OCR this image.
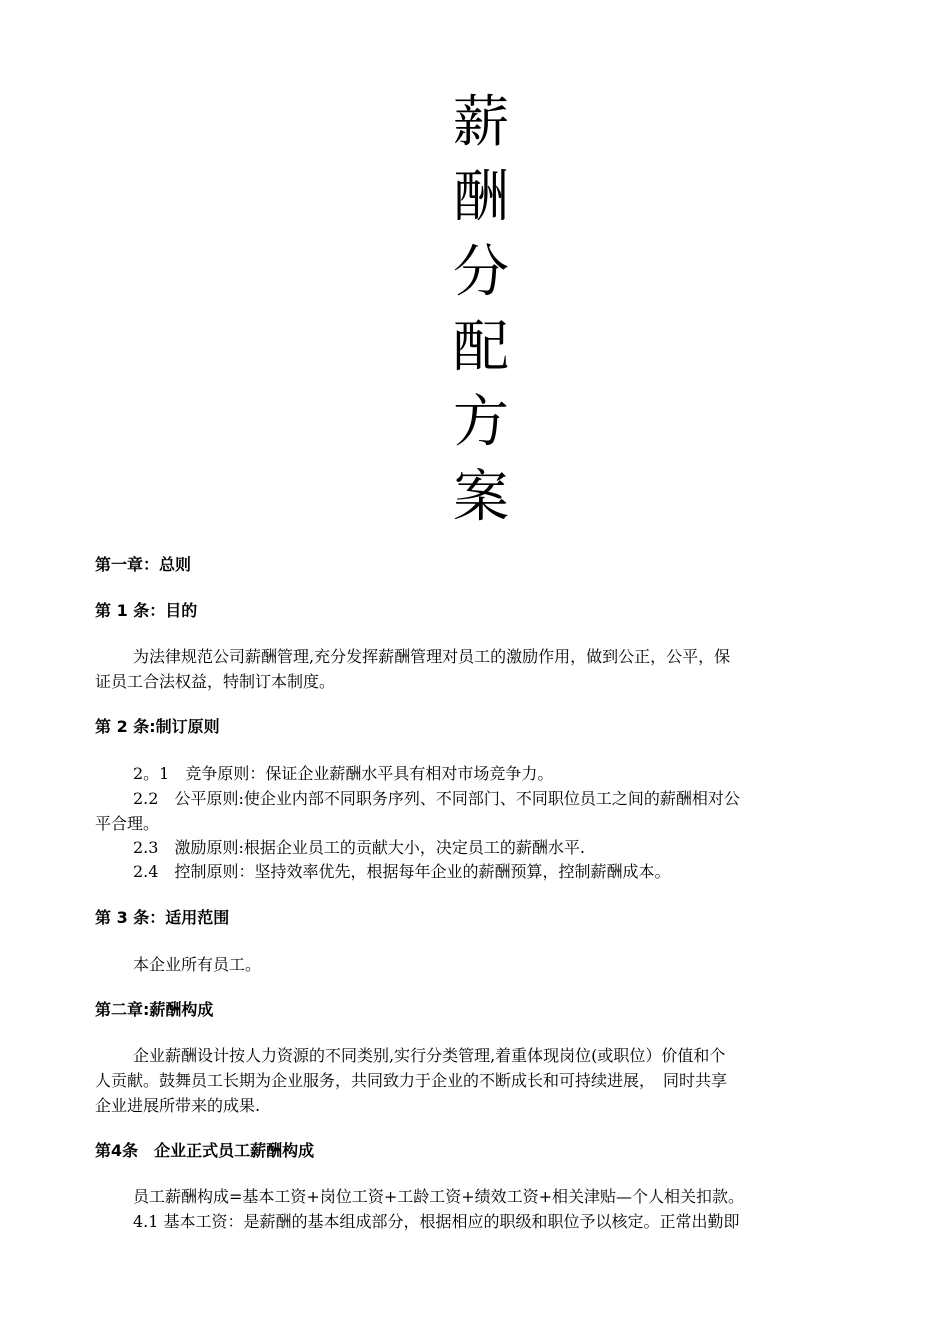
薪
酬
分
配
方
案
第一章：总则
第 1 条：目的

为法律规范公司薪酬管理,充分发挥薪酬管理对员工的激励作用，做到公正，公平，保

证员工合法权益，特制订本制度。

第 2 条:制订原则

2。1　竞争原则：保证企业薪酬水平具有相对市场竞争力。

2.2　公平原则:使企业内部不同职务序列、不同部门、不同职位员工之间的薪酬相对公

平合理。

2.3　激励原则:根据企业员工的贡献大小，决定员工的薪酬水平.

2.4　控制原则：坚持效率优先，根据每年企业的薪酬预算，控制薪酬成本。

第 3 条：适用范围

本企业所有员工。

第二章:薪酬构成

企业薪酬设计按人力资源的不同类别,实行分类管理,着重体现岗位(或职位）价值和个

人贡献。鼓舞员工长期为企业服务，共同致力于企业的不断成长和可持续进展，　同时共享

企业进展所带来的成果.

第4条　企业正式员工薪酬构成

员工薪酬构成=基本工资+岗位工资+工龄工资+绩效工资+相关津贴—个人相关扣款。

4.1 基本工资：是薪酬的基本组成部分，根据相应的职级和职位予以核定。正常出勤即
